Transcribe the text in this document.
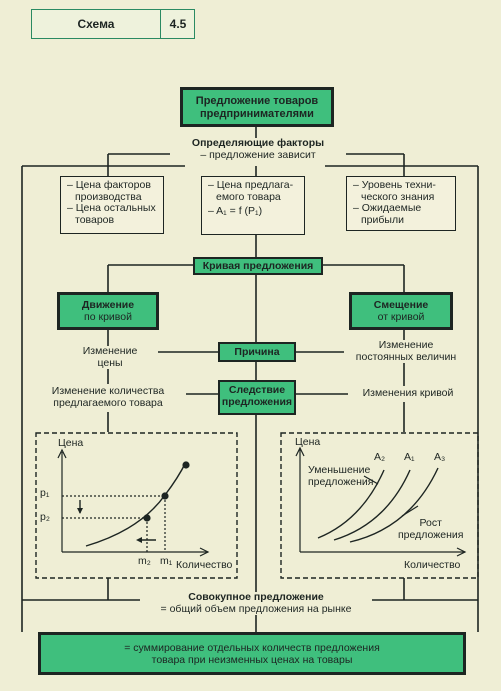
Схема	4.5
Предложение товаров
предпринимателями
Определяющие факторы
– предложение зависит
– Цена факторов
производства
– Цена остальных
товаров
– Цена предлага-
емого товара
– A₁ = f (P₁)
– Уровень техни-
ческого знания
– Ожидаемые
прибыли
Кривая предложения
Движение
по кривой
Смещение
от кривой
Изменение
цены
Причина
Изменение
постоянных величин
Изменение количества
предлагаемого товара
Следствие
предложения
Изменения кривой
Цена
p₁
p₂
m₂ m₁ Количество
Цена
Уменьшение
предложения
A₂ A₁ A₃
Рост
предложения
Количество
Совокупное предложение
= общий объем предложения на рынке
= суммирование отдельных количеств предложения
товара при неизменных ценах на товары
